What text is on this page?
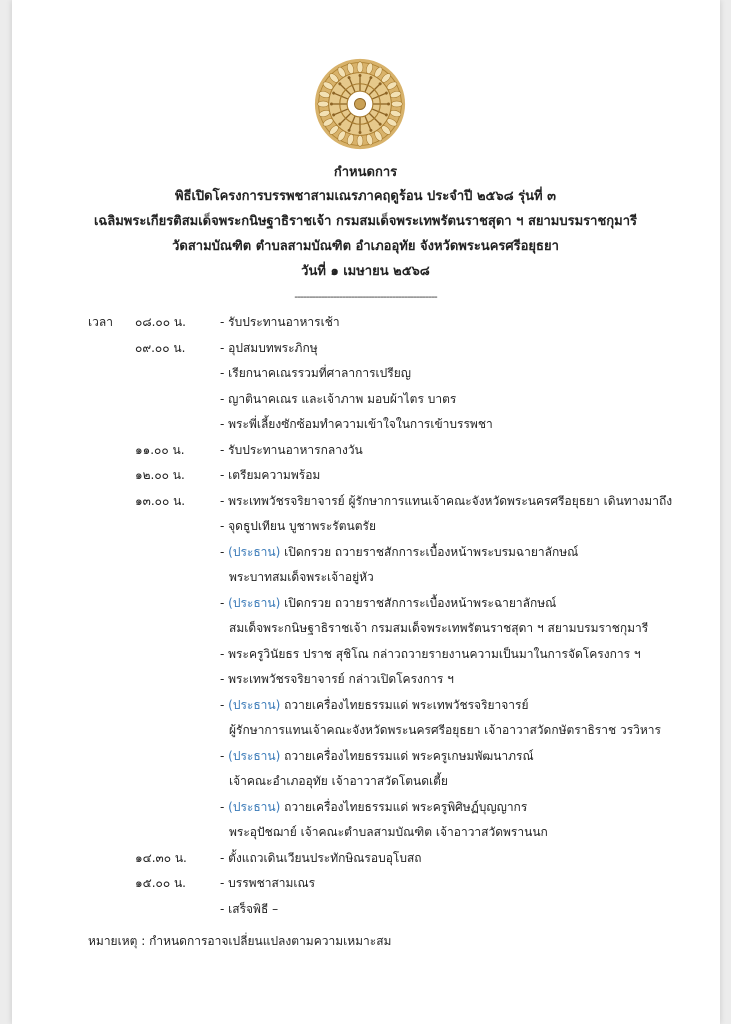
กำหนดการ
พิธีเปิดโครงการบรรพชาสามเณรภาคฤดูร้อน ประจำปี ๒๕๖๘ รุ่นที่ ๓
เฉลิมพระเกียรติสมเด็จพระกนิษฐาธิราชเจ้า กรมสมเด็จพระเทพรัตนราชสุดา ฯ สยามบรมราชกุมารี
วัดสามบัณฑิต ตำบลสามบัณฑิต อำเภออุทัย จังหวัดพระนครศรีอยุธยา
วันที่ ๑ เมษายน ๒๕๖๘
------------------------------------------------
เวลา ๐๘.๐๐ น.	- รับประทานอาหารเช้า
๐๙.๐๐ น.	- อุปสมบทพระภิกษุ
- เรียกนาคเณรรวมที่ศาลาการเปรียญ
- ญาตินาคเณร และเจ้าภาพ มอบผ้าไตร บาตร
- พระพี่เลี้ยงซักซ้อมทำความเข้าใจในการเข้าบรรพชา
๑๑.๐๐ น.	- รับประทานอาหารกลางวัน
๑๒.๐๐ น.	- เตรียมความพร้อม
๑๓.๐๐ น.	- พระเทพวัชรจริยาจารย์ ผู้รักษาการแทนเจ้าคณะจังหวัดพระนครศรีอยุธยา เดินทางมาถึง
- จุดธูปเทียน บูชาพระรัตนตรัย
- (ประธาน) เปิดกรวย ถวายราชสักการะเบื้องหน้าพระบรมฉายาลักษณ์
พระบาทสมเด็จพระเจ้าอยู่หัว
- (ประธาน) เปิดกรวย ถวายราชสักการะเบื้องหน้าพระฉายาลักษณ์
สมเด็จพระกนิษฐาธิราชเจ้า กรมสมเด็จพระเทพรัตนราชสุดา ฯ สยามบรมราชกุมารี
- พระครูวินัยธร ปราช สุชิโณ กล่าวถวายรายงานความเป็นมาในการจัดโครงการ ฯ
- พระเทพวัชรจริยาจารย์ กล่าวเปิดโครงการ ฯ
- (ประธาน) ถวายเครื่องไทยธรรมแด่ พระเทพวัชรจริยาจารย์
ผู้รักษาการแทนเจ้าคณะจังหวัดพระนครศรีอยุธยา เจ้าอาวาสวัดกษัตราธิราช วรวิหาร
- (ประธาน) ถวายเครื่องไทยธรรมแด่ พระครูเกษมพัฒนาภรณ์
เจ้าคณะอำเภออุทัย เจ้าอาวาสวัดโตนดเตี้ย
- (ประธาน) ถวายเครื่องไทยธรรมแด่ พระครูพิศิษฏ์บุญญากร
พระอุปัชฌาย์ เจ้าคณะตำบลสามบัณฑิต เจ้าอาวาสวัดพรานนก
๑๔.๓๐ น.	- ตั้งแถวเดินเวียนประทักษิณรอบอุโบสถ
๑๕.๐๐ น.	- บรรพชาสามเณร
- เสร็จพิธี –
หมายเหตุ : กำหนดการอาจเปลี่ยนแปลงตามความเหมาะสม
